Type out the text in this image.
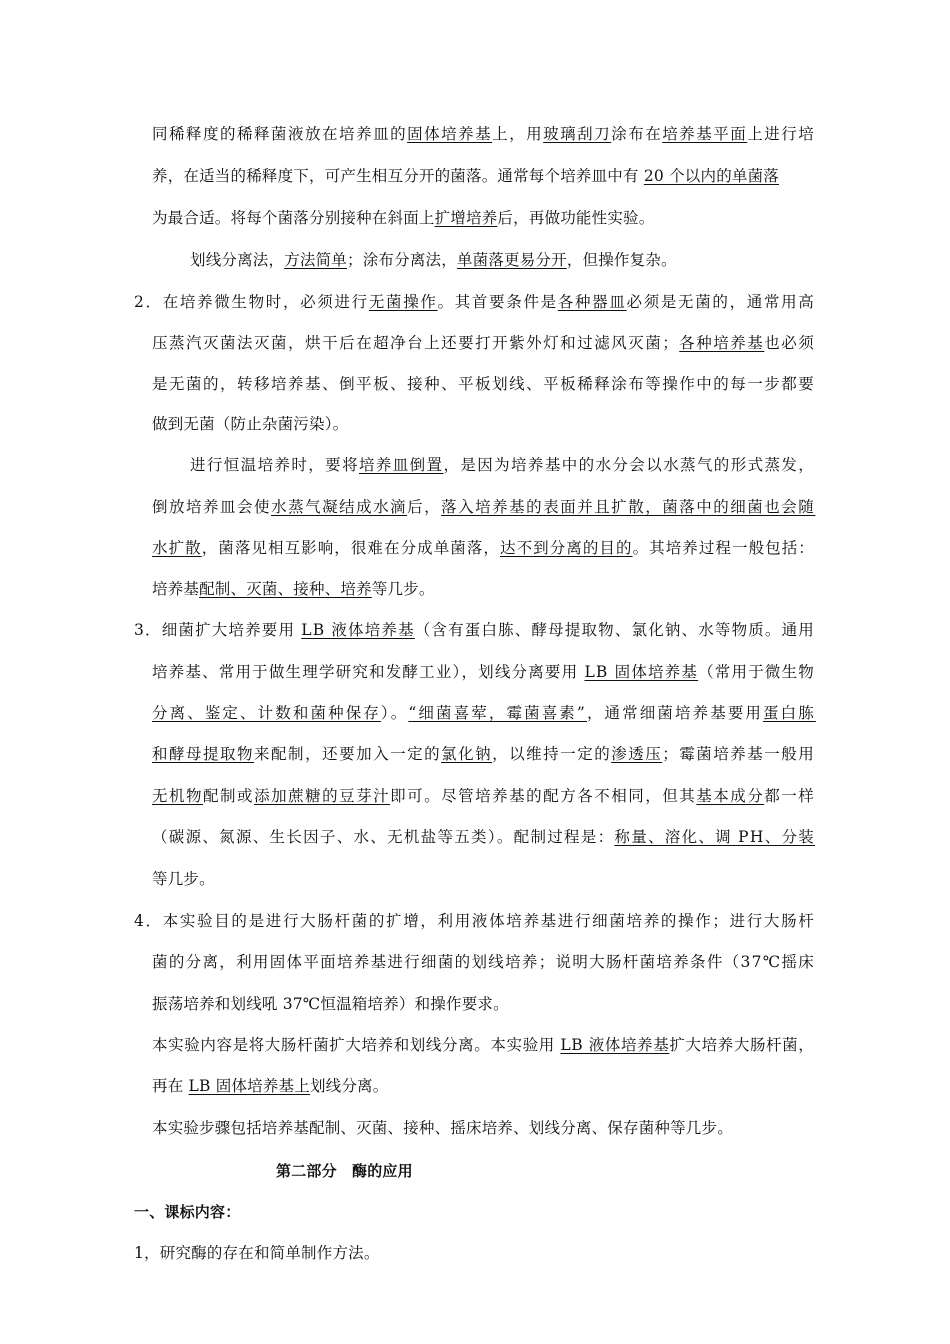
同稀释度的稀释菌液放在培养皿的固体培养基上，用玻璃刮刀涂布在培养基平面上进行培
养，在适当的稀释度下，可产生相互分开的菌落。通常每个培养皿中有 20 个以内的单菌落
为最合适。将每个菌落分别接种在斜面上扩增培养后，再做功能性实验。
划线分离法，方法简单；涂布分离法，单菌落更易分开，但操作复杂。
2．在培养微生物时，必须进行无菌操作。其首要条件是各种器皿必须是无菌的，通常用高
压蒸汽灭菌法灭菌，烘干后在超净台上还要打开紫外灯和过滤风灭菌；各种培养基也必须
是无菌的，转移培养基、倒平板、接种、平板划线、平板稀释涂布等操作中的每一步都要
做到无菌（防止杂菌污染）。
进行恒温培养时，要将培养皿倒置，是因为培养基中的水分会以水蒸气的形式蒸发，
倒放培养皿会使水蒸气凝结成水滴后，落入培养基的表面并且扩散，菌落中的细菌也会随
水扩散，菌落见相互影响，很难在分成单菌落，达不到分离的目的。其培养过程一般包括：
培养基配制、灭菌、接种、培养等几步。
3．细菌扩大培养要用 LB 液体培养基（含有蛋白胨、酵母提取物、氯化钠、水等物质。通用
培养基、常用于做生理学研究和发酵工业），划线分离要用 LB 固体培养基（常用于微生物
分离、鉴定、计数和菌种保存）。“细菌喜荤，霉菌喜素”，通常细菌培养基要用蛋白胨
和酵母提取物来配制，还要加入一定的氯化钠，以维持一定的渗透压；霉菌培养基一般用
无机物配制或添加蔗糖的豆芽汁即可。尽管培养基的配方各不相同，但其基本成分都一样
（碳源、氮源、生长因子、水、无机盐等五类）。配制过程是：称量、溶化、调 PH、分装
等几步。
4．本实验目的是进行大肠杆菌的扩增，利用液体培养基进行细菌培养的操作；进行大肠杆
菌的分离，利用固体平面培养基进行细菌的划线培养；说明大肠杆菌培养条件（37℃摇床
振荡培养和划线吼 37℃恒温箱培养）和操作要求。
本实验内容是将大肠杆菌扩大培养和划线分离。本实验用 LB 液体培养基扩大培养大肠杆菌，
再在 LB 固体培养基上划线分离。
本实验步骤包括培养基配制、灭菌、接种、摇床培养、划线分离、保存菌种等几步。
第二部分　酶的应用
一、课标内容：
1，研究酶的存在和简单制作方法。
